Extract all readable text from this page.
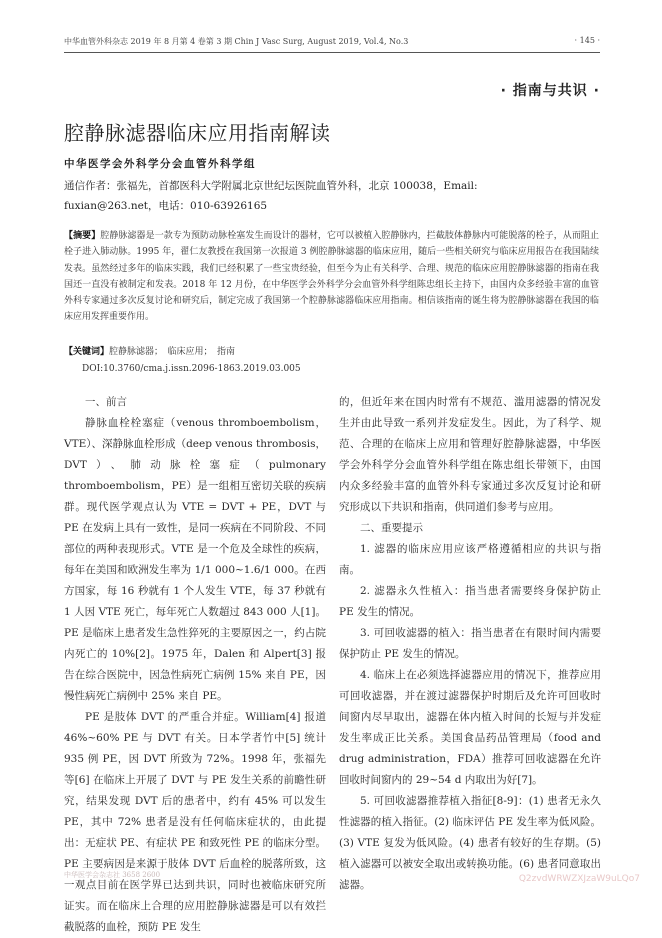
中华血管外科杂志 2019 年 8 月第 4 卷第 3 期 Chin J Vasc Surg, August 2019, Vol.4, No.3	· 145 ·
· 指南与共识 ·
腔静脉滤器临床应用指南解读
中华医学会外科学分会血管外科学组
通信作者：张福先，首都医科大学附属北京世纪坛医院血管外科，北京 100038，Email:
fuxian@263.net，电话：010-63926165
【摘要】腔静脉滤器是一款专为预防动脉栓塞发生而设计的器材，它可以被植入腔静脉内，拦截肢体静脉内可能脱落的栓子，从而阻止栓子进入肺动脉。1995 年，翟仁友教授在我国第一次报道 3 例腔静脉滤器的临床应用，随后一些相关研究与临床应用报告在我国陆续发表。虽然经过多年的临床实践，我们已经积累了一些宝贵经验，但至今为止有关科学、合理、规范的临床应用腔静脉滤器的指南在我国还一直没有被制定和发表。2018 年 12 月份，在中华医学会外科学分会血管外科学组陈忠组长主持下，由国内众多经验丰富的血管外科专家通过多次反复讨论和研究后，制定完成了我国第一个腔静脉滤器临床应用指南。相信该指南的诞生将为腔静脉滤器在我国的临床应用发挥重要作用。
【关键词】腔静脉滤器；　临床应用；　指南
DOI:10.3760/cma.j.issn.2096-1863.2019.03.005

一、前言

静脉血栓栓塞症（venous thromboembolism，VTE）、深静脉血栓形成（deep venous thrombosis，DVT）、肺动脉栓塞症（pulmonary thromboembolism，PE）是一组相互密切关联的疾病群。现代医学观点认为 VTE = DVT + PE，DVT 与 PE 在发病上具有一致性，是同一疾病在不同阶段、不同部位的两种表现形式。VTE 是一个危及全球性的疾病，每年在美国和欧洲发生率为 1/1 000~1.6/1 000。在西方国家，每 16 秒就有 1 个人发生 VTE，每 37 秒就有 1 人因 VTE 死亡，每年死亡人数超过 843 000 人[1]。PE 是临床上患者发生急性猝死的主要原因之一，约占院内死亡的 10%[2]。1975 年，Dalen 和 Alpert[3] 报告在综合医院中，因急性病死亡病例 15% 来自 PE，因慢性病死亡病例中 25% 来自 PE。

PE 是肢体 DVT 的严重合并症。William[4] 报道 46%~60% PE 与 DVT 有关。日本学者竹中[5] 统计 935 例 PE，因 DVT 所致为 72%。1998 年，张福先等[6] 在临床上开展了 DVT 与 PE 发生关系的前瞻性研究，结果发现 DVT 后的患者中，约有 45% 可以发生 PE，其中 72% 患者是没有任何临床症状的，由此提出：无症状 PE、有症状 PE 和致死性 PE 的临床分型。PE 主要病因是来源于肢体 DVT 后血栓的脱落所致，这一观点目前在医学界已达到共识，同时也被临床研究所证实。而在临床上合理的应用腔静脉滤器是可以有效拦截脱落的血栓，预防 PE 发生

的，但近年来在国内时常有不规范、滥用滤器的情况发生并由此导致一系列并发症发生。因此，为了科学、规范、合理的在临床上应用和管理好腔静脉滤器，中华医学会外科学分会血管外科学组在陈忠组长带领下，由国内众多经验丰富的血管外科专家通过多次反复讨论和研究形成以下共识和指南，供同道们参考与应用。

二、重要提示

1. 滤器的临床应用应该严格遵循相应的共识与指南。

2. 滤器永久性植入：指当患者需要终身保护防止 PE 发生的情况。

3. 可回收滤器的植入：指当患者在有限时间内需要保护防止 PE 发生的情况。

4. 临床上在必须选择滤器应用的情况下，推荐应用可回收滤器，并在渡过滤器保护时期后及允许可回收时间窗内尽早取出，滤器在体内植入时间的长短与并发症发生率成正比关系。美国食品药品管理局（food and drug administration，FDA）推荐可回收滤器在允许回收时间窗内的 29~54 d 内取出为好[7]。

5. 可回收滤器推荐植入指征[8-9]：(1) 患者无永久性滤器的植入指征。(2) 临床评估 PE 发生率为低风险。(3) VTE 复发为低风险。(4) 患者有较好的生存期。(5) 植入滤器可以被安全取出或转换功能。(6) 患者同意取出滤器。

中华医学会杂志社 3658 2600	Q2zvdWRWZXJzaW9uLQo7
